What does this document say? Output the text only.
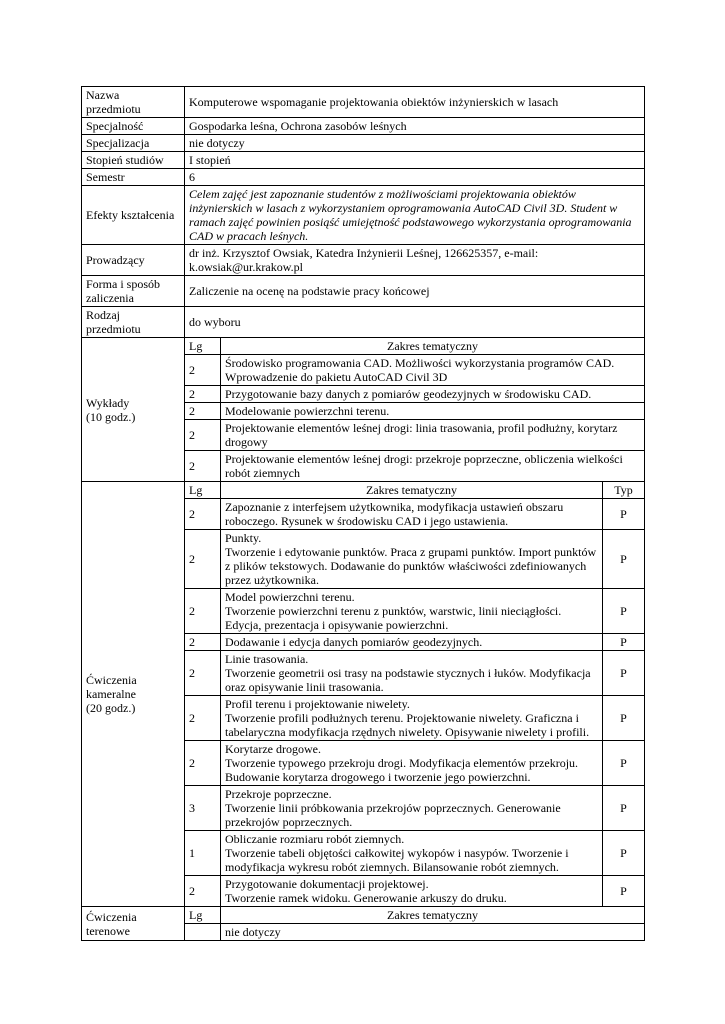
Nazwa
przedmiotu	Komputerowe wspomaganie projektowania obiektów inżynierskich w lasach		
Specjalność	Gospodarka leśna, Ochrona zasobów leśnych		
Specjalizacja	nie dotyczy		
Stopień studiów	I stopień		
Semestr	6		
Efekty kształcenia	Celem zajęć jest zapoznanie studentów z możliwościami projektowania obiektów inżynierskich w lasach z wykorzystaniem oprogramowania AutoCAD Civil 3D. Student w ramach zajęć powinien posiąść umiejętność podstawowego wykorzystania oprogramowania CAD w pracach leśnych.		
Prowadzący	dr inż. Krzysztof Owsiak, Katedra Inżynierii Leśnej, 126625357, e-mail: k.owsiak@ur.krakow.pl		
Forma i sposób
zaliczenia	Zaliczenie na ocenę na podstawie pracy końcowej		
Rodzaj
przedmiotu	do wyboru		
Wykłady
(10 godz.)	Lg	Zakres tematyczny	
	2	Środowisko programowania CAD. Możliwości wykorzystania programów CAD. Wprowadzenie do pakietu AutoCAD Civil 3D	
	2	Przygotowanie bazy danych z pomiarów geodezyjnych w środowisku CAD.	
	2	Modelowanie powierzchni terenu.	
	2	Projektowanie elementów leśnej drogi: linia trasowania, profil podłużny, korytarz drogowy	
	2	Projektowanie elementów leśnej drogi: przekroje poprzeczne, obliczenia wielkości robót ziemnych	
Ćwiczenia
kameralne
(20 godz.)	Lg	Zakres tematyczny	Typ
	2	Zapoznanie z interfejsem użytkownika, modyfikacja ustawień obszaru roboczego. Rysunek w środowisku CAD i jego ustawienia.	P
	2	Punkty.
Tworzenie i edytowanie punktów. Praca z grupami punktów. Import punktów z plików tekstowych. Dodawanie do punktów właściwości zdefiniowanych przez użytkownika.	P
	2	Model powierzchni terenu.
Tworzenie powierzchni terenu z punktów, warstwic, linii nieciągłości. Edycja, prezentacja i opisywanie powierzchni.	P
	2	Dodawanie i edycja danych pomiarów geodezyjnych.	P
	2	Linie trasowania.
Tworzenie geometrii osi trasy na podstawie stycznych i łuków. Modyfikacja oraz opisywanie linii trasowania.	P
	2	Profil terenu i projektowanie niwelety.
Tworzenie profili podłużnych terenu. Projektowanie niwelety. Graficzna i tabelaryczna modyfikacja rzędnych niwelety. Opisywanie niwelety i profili.	P
	2	Korytarze drogowe.
Tworzenie typowego przekroju drogi. Modyfikacja elementów przekroju. Budowanie korytarza drogowego i tworzenie jego powierzchni.	P
	3	Przekroje poprzeczne.
Tworzenie linii próbkowania przekrojów poprzecznych. Generowanie przekrojów poprzecznych.	P
	1	Obliczanie rozmiaru robót ziemnych.
Tworzenie tabeli objętości całkowitej wykopów i nasypów. Tworzenie i modyfikacja wykresu robót ziemnych. Bilansowanie robót ziemnych.	P
	2	Przygotowanie dokumentacji projektowej.
Tworzenie ramek widoku. Generowanie arkuszy do druku.	P
Ćwiczenia
terenowe	Lg	Zakres tematyczny	
		nie dotyczy	
